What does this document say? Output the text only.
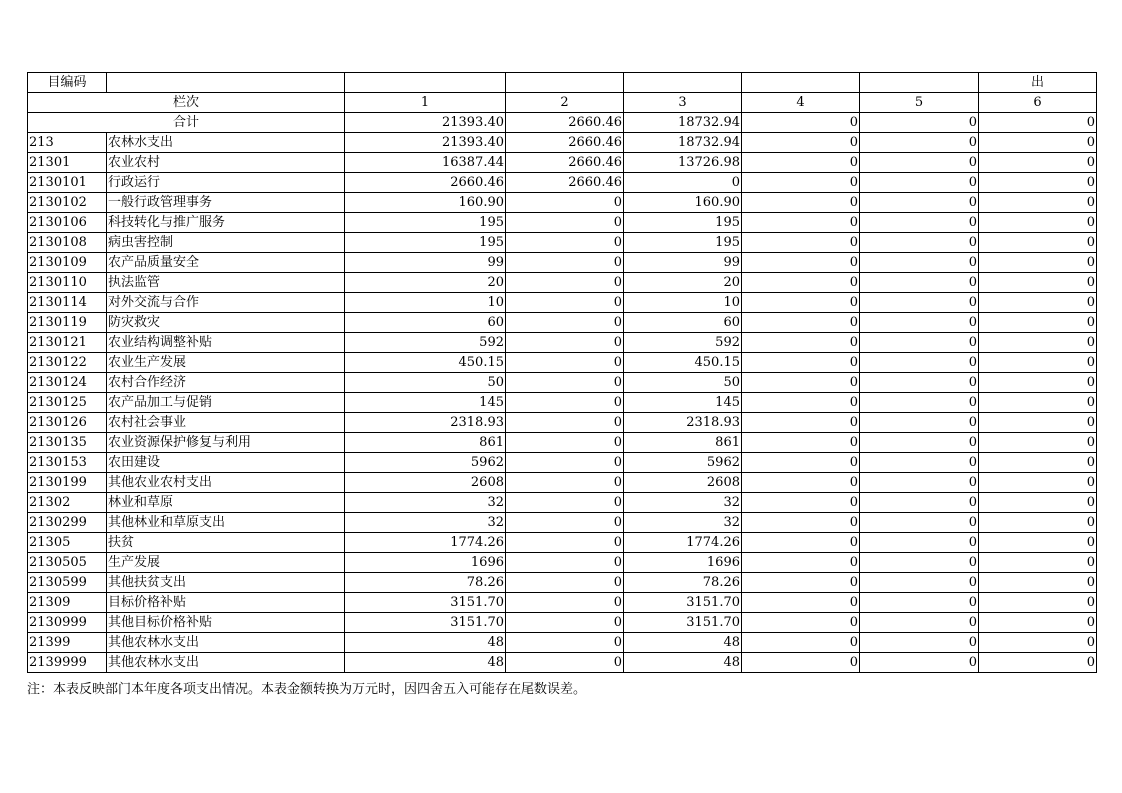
目编码							出
栏次		1	2	3	4	5	6
合计		21393.40	2660.46	18732.94	0	0	0
213	农林水支出	21393.40	2660.46	18732.94	0	0	0
21301	农业农村	16387.44	2660.46	13726.98	0	0	0
2130101	行政运行	2660.46	2660.46	0	0	0	0
2130102	一般行政管理事务	160.90	0	160.90	0	0	0
2130106	科技转化与推广服务	195	0	195	0	0	0
2130108	病虫害控制	195	0	195	0	0	0
2130109	农产品质量安全	99	0	99	0	0	0
2130110	执法监管	20	0	20	0	0	0
2130114	对外交流与合作	10	0	10	0	0	0
2130119	防灾救灾	60	0	60	0	0	0
2130121	农业结构调整补贴	592	0	592	0	0	0
2130122	农业生产发展	450.15	0	450.15	0	0	0
2130124	农村合作经济	50	0	50	0	0	0
2130125	农产品加工与促销	145	0	145	0	0	0
2130126	农村社会事业	2318.93	0	2318.93	0	0	0
2130135	农业资源保护修复与利用	861	0	861	0	0	0
2130153	农田建设	5962	0	5962	0	0	0
2130199	其他农业农村支出	2608	0	2608	0	0	0
21302	林业和草原	32	0	32	0	0	0
2130299	其他林业和草原支出	32	0	32	0	0	0
21305	扶贫	1774.26	0	1774.26	0	0	0
2130505	生产发展	1696	0	1696	0	0	0
2130599	其他扶贫支出	78.26	0	78.26	0	0	0
21309	目标价格补贴	3151.70	0	3151.70	0	0	0
2130999	其他目标价格补贴	3151.70	0	3151.70	0	0	0
21399	其他农林水支出	48	0	48	0	0	0
2139999	其他农林水支出	48	0	48	0	0	0
注：本表反映部门本年度各项支出情况。本表金额转换为万元时，因四舍五入可能存在尾数误差。
